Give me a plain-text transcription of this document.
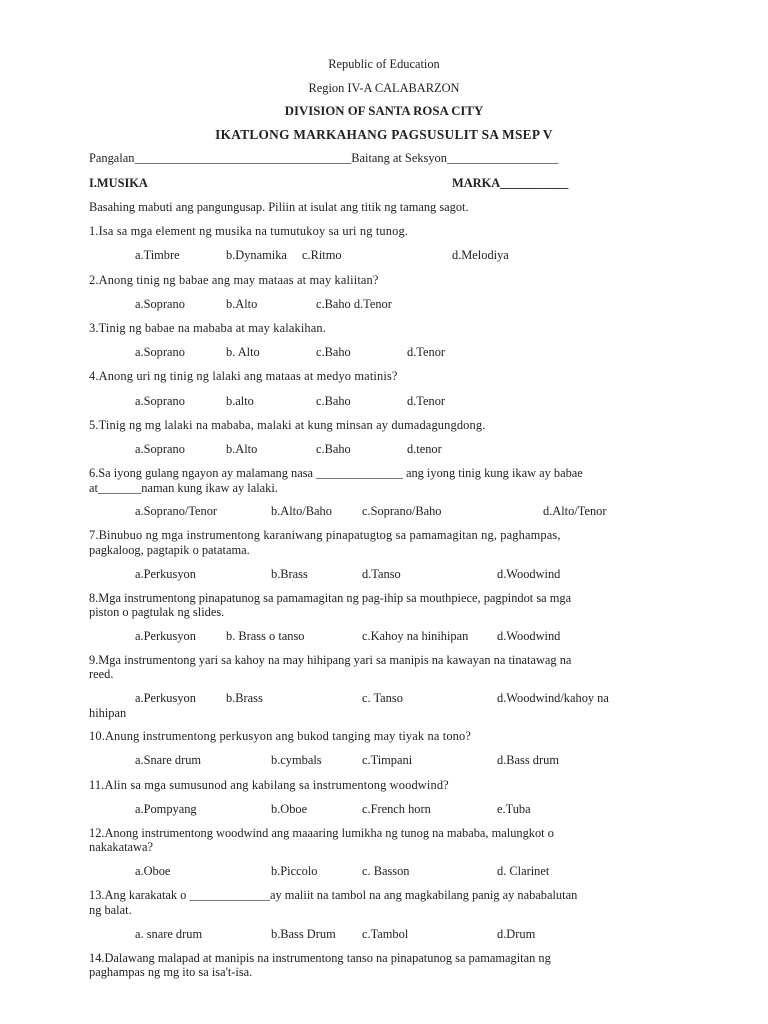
Republic of Education
Region IV-A CALABARZON
DIVISION OF SANTA ROSA CITY
IKATLONG MARKAHANG PAGSUSULIT SA MSEP V
Pangalan___________________________________Baitang at Seksyon__________________
I.MUSIKA	MARKA___________
Basahing mabuti ang pangungusap. Piliin at isulat ang titik ng tamang sagot.
1.Isa sa mga element ng musika na tumutukoy sa uri ng tunog.
a.Timbre	b.Dynamika c.Ritmo	d.Melodiya
2.Anong tinig ng babae ang may mataas at may kaliitan?
a.Soprano	b.Alto	c.Baho d.Tenor
3.Tinig ng babae na mababa at may kalakihan.
a.Soprano	b. Alto	c.Baho	d.Tenor
4.Anong uri ng tinig ng lalaki ang mataas at medyo matinis?
a.Soprano	b.alto	c.Baho	d.Tenor
5.Tinig ng mg lalaki na mababa, malaki at kung minsan ay dumadagungdong.
a.Soprano	b.Alto	c.Baho	d.tenor
6.Sa iyong gulang ngayon ay malamang nasa ______________ ang iyong tinig kung ikaw ay babae
at_______naman kung ikaw ay lalaki.
a.Soprano/Tenor	b.Alto/Baho c.Soprano/Baho	d.Alto/Tenor
7.Binubuo ng mga instrumentong karaniwang pinapatugtog sa pamamagitan ng, paghampas,
pagkaloog, pagtapik o patatama.
a.Perkusyon	b.Brass	d.Tanso	d.Woodwind
8.Mga instrumentong pinapatunog sa pamamagitan ng pag-ihip sa mouthpiece, pagpindot sa mga
piston o pagtulak ng slides.
a.Perkusyon b. Brass o tanso	c.Kahoy na hinihipan d.Woodwind
9.Mga instrumentong yari sa kahoy na may hihipang yari sa manipis na kawayan na tinatawag na
reed.
a.Perkusyon b.Brass	c. Tanso	d.Woodwind/kahoy na
hihipan
10.Anung instrumentong perkusyon ang bukod tanging may tiyak na tono?
a.Snare drum	b.cymbals	c.Timpani	d.Bass drum
11.Alin sa mga sumusunod ang kabilang sa instrumentong woodwind?
a.Pompyang	b.Oboe	c.French horn	e.Tuba
12.Anong instrumentong woodwind ang maaaring lumikha ng tunog na mababa, malungkot o
nakakatawa?
a.Oboe	b.Piccolo	c. Basson	d. Clarinet
13.Ang karakatak o _____________ay maliit na tambol na ang magkabilang panig ay nababalutan
ng balat.
a. snare drum	b.Bass Drum c.Tambol	d.Drum
14.Dalawang malapad at manipis na instrumentong tanso na pinapatunog sa pamamagitan ng
paghampas ng mg ito sa isa't-isa.
